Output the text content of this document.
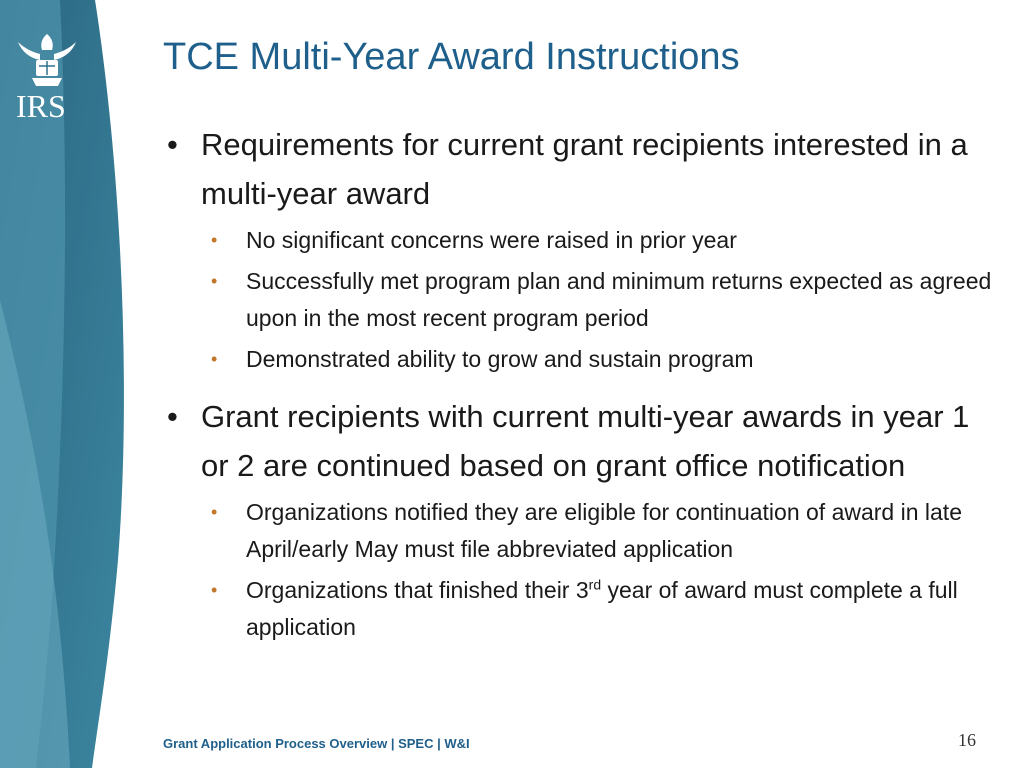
IRS
TCE Multi-Year Award Instructions
• Requirements for current grant recipients interested in a multi-year award
• No significant concerns were raised in prior year
• Successfully met program plan and minimum returns expected as agreed upon in the most recent program period
• Demonstrated ability to grow and sustain program
• Grant recipients with current multi-year awards in year 1 or 2 are continued based on grant office notification
• Organizations notified they are eligible for continuation of award in late April/early May must file abbreviated application
• Organizations that finished their 3rd year of award must complete a full application
Grant Application Process Overview | SPEC | W&I	16
